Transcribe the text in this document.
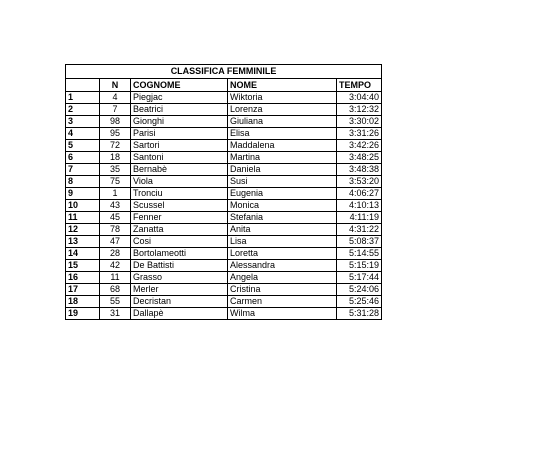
CLASSIFICA FEMMINILE				
	N	COGNOME	NOME	TEMPO
1	4	Piegjac	Wiktoria	3:04:40
2	7	Beatrici	Lorenza	3:12:32
3	98	Gionghi	Giuliana	3:30:02
4	95	Parisi	Elisa	3:31:26
5	72	Sartori	Maddalena	3:42:26
6	18	Santoni	Martina	3:48:25
7	35	Bernabè	Daniela	3:48:38
8	75	Viola	Susi	3:53:20
9	1	Tronciu	Eugenia	4:06:27
10	43	Scussel	Monica	4:10:13
11	45	Fenner	Stefania	4:11:19
12	78	Zanatta	Anita	4:31:22
13	47	Cosi	Lisa	5:08:37
14	28	Bortolameotti	Loretta	5:14:55
15	42	De Battisti	Alessandra	5:15:19
16	11	Grasso	Angela	5:17:44
17	68	Merler	Cristina	5:24:06
18	55	Decristan	Carmen	5:25:46
19	31	Dallapè	Wilma	5:31:28
